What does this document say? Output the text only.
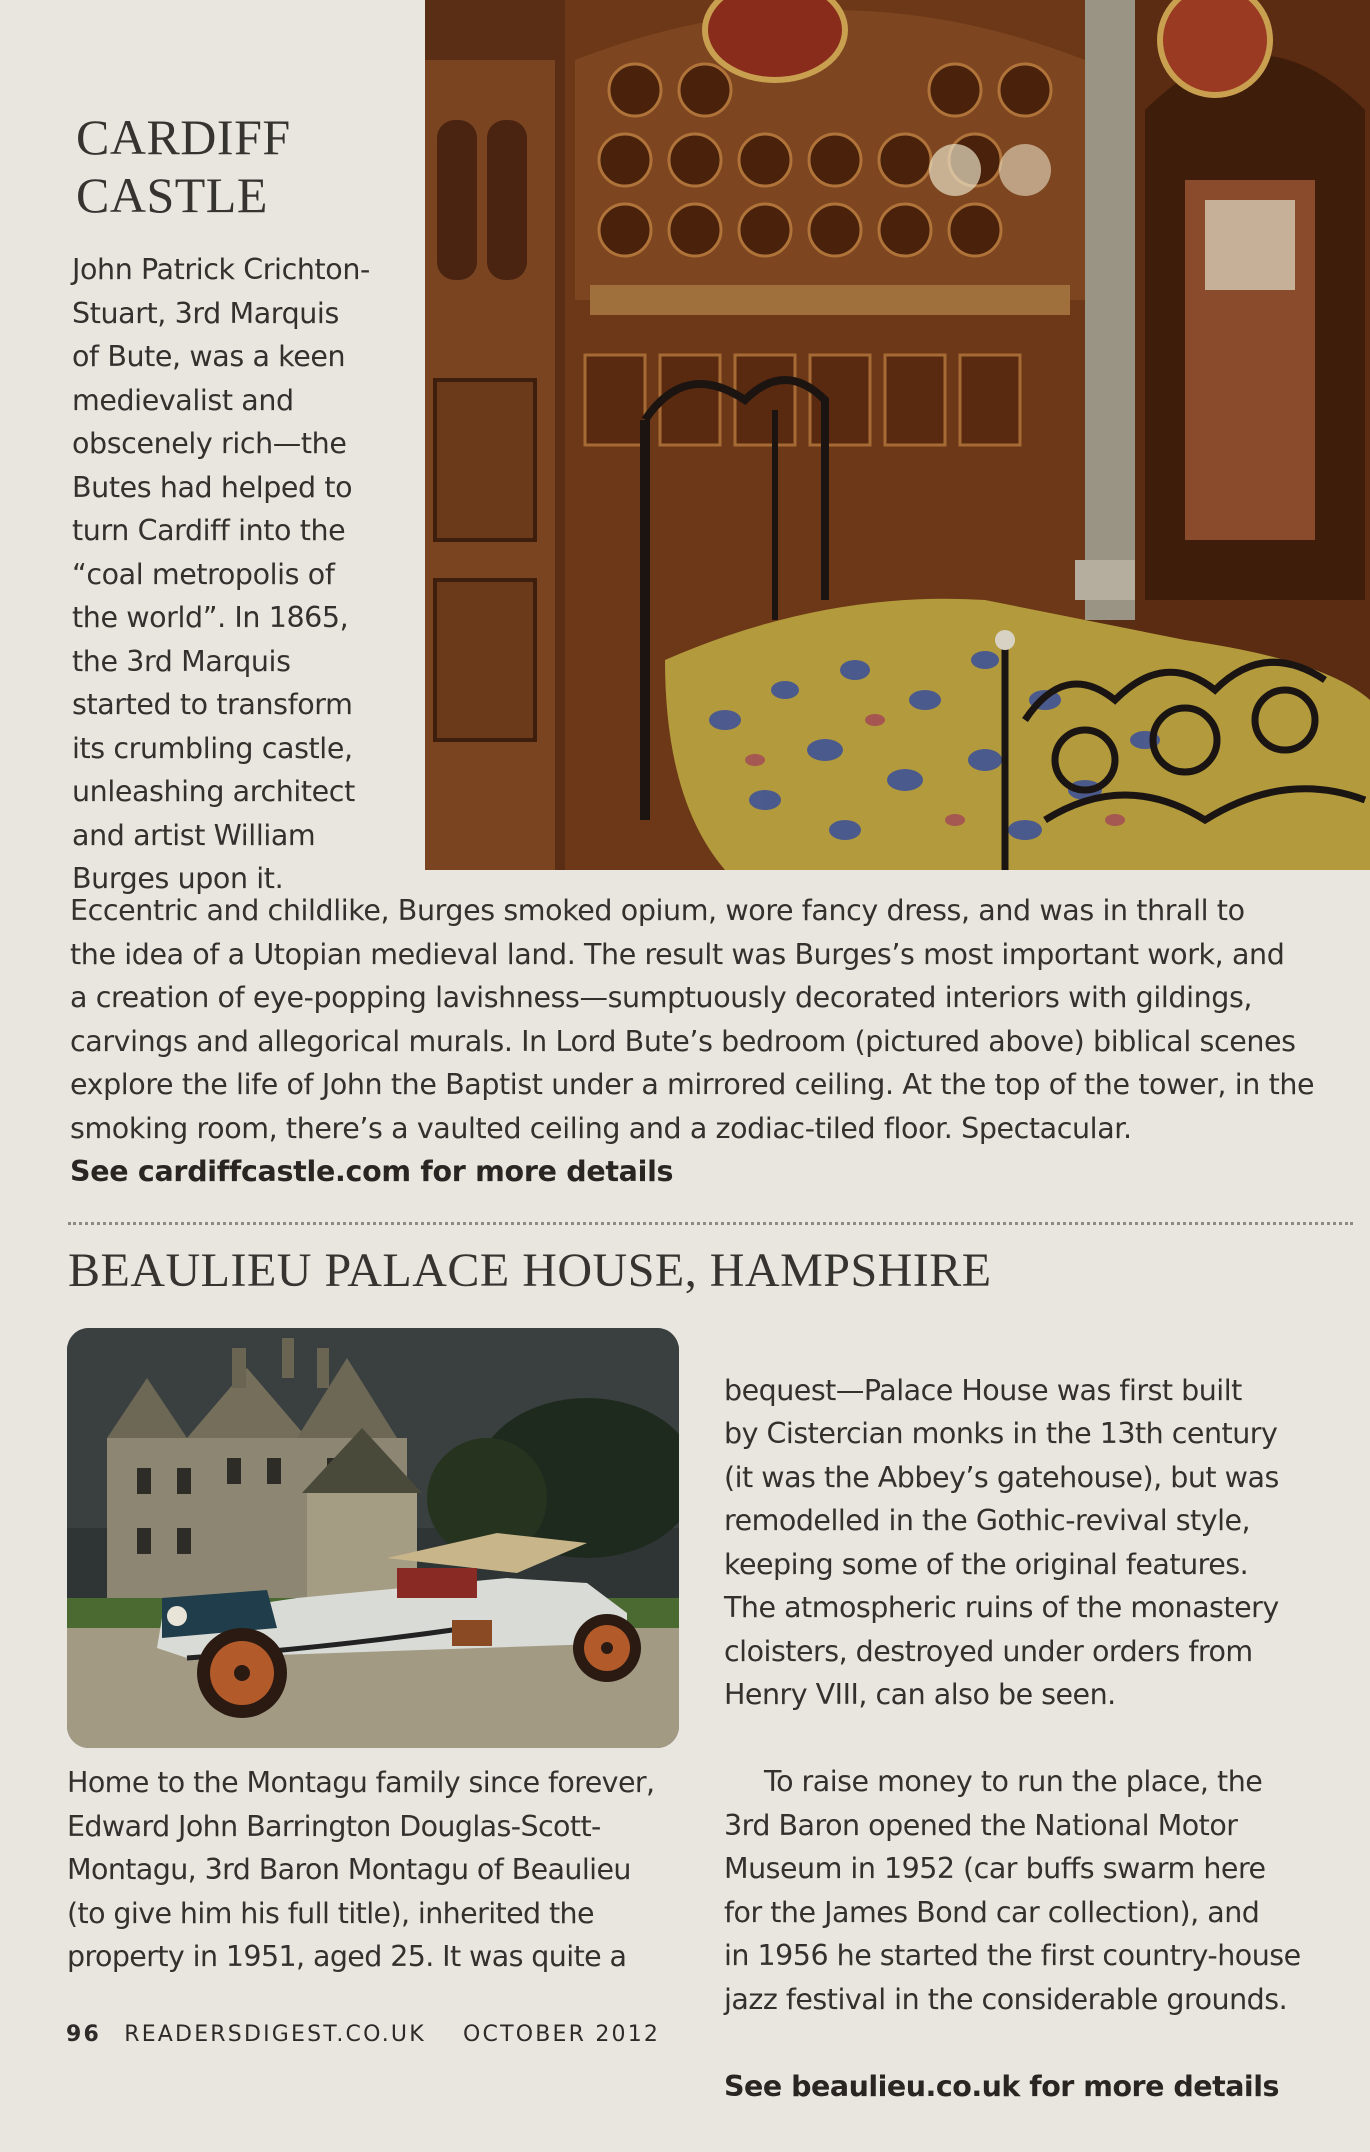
CARDIFF
CASTLE

John Patrick Crichton-
Stuart, 3rd Marquis
of Bute, was a keen
medievalist and
obscenely rich—the
Butes had helped to
turn Cardiff into the
“coal metropolis of
the world”. In 1865,
the 3rd Marquis
started to transform
its crumbling castle,
unleashing architect
and artist William
Burges upon it.

Eccentric and childlike, Burges smoked opium, wore fancy dress, and was in thrall to
the idea of a Utopian medieval land. The result was Burges’s most important work, and
a creation of eye-popping lavishness—sumptuously decorated interiors with gildings,
carvings and allegorical murals. In Lord Bute’s bedroom (pictured above) biblical scenes
explore the life of John the Baptist under a mirrored ceiling. At the top of the tower, in the
smoking room, there’s a vaulted ceiling and a zodiac-tiled floor. Spectacular.

See cardiffcastle.com for more details
BEAULIEU PALACE HOUSE, HAMPSHIRE

Home to the Montagu family since forever,
Edward John Barrington Douglas-Scott-
Montagu, 3rd Baron Montagu of Beaulieu
(to give him his full title), inherited the
property in 1951, aged 25. It was quite a

bequest—Palace House was first built
by Cistercian monks in the 13th century
(it was the Abbey’s gatehouse), but was
remodelled in the Gothic-revival style,
keeping some of the original features.
The atmospheric ruins of the monastery
cloisters, destroyed under orders from
Henry VIII, can also be seen.

To raise money to run the place, the
3rd Baron opened the National Motor
Museum in 1952 (car buffs swarm here
for the James Bond car collection), and
in 1956 he started the first country-house
jazz festival in the considerable grounds.

See beaulieu.co.uk for more details

96 READERSDIGEST.CO.UK OCTOBER 2012
